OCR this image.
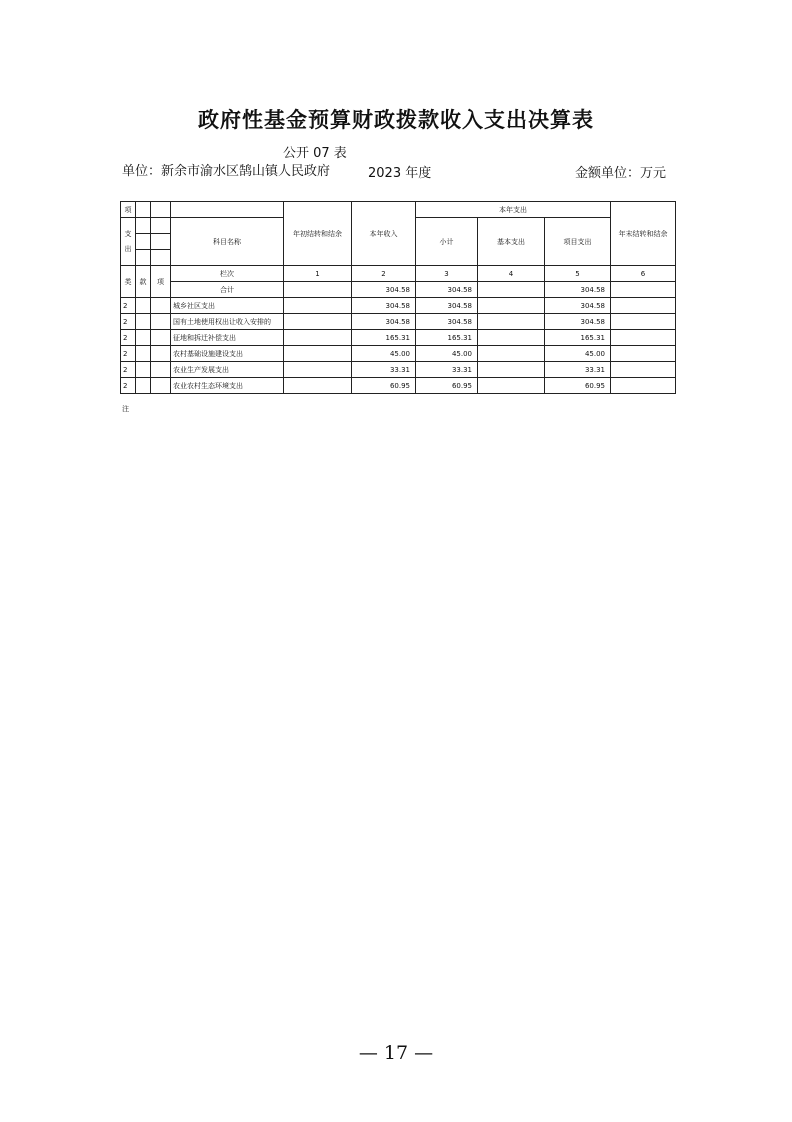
政府性基金预算财政拨款收入支出决算表
公开 07 表
单位：新余市渝水区鹄山镇人民政府	2023 年度	金额单位：万元
项				年初结转和结余	本年收入	本年支出			年末结转和结余

支
出			科目名称			小计	基本支出	项目支出	

类	款	项	栏次	1	2	3	4	5	6
			合计		304.58	304.58		304.58	
2			城乡社区支出		304.58	304.58		304.58	
2			国有土地使用权出让收入安排的		304.58	304.58		304.58	
2			征地和拆迁补偿支出		165.31	165.31		165.31	
2			农村基础设施建设支出		45.00	45.00		45.00	
2			农业生产发展支出		33.31	33.31		33.31	
2			农业农村生态环境支出		60.95	60.95		60.95	
注
— 17 —
